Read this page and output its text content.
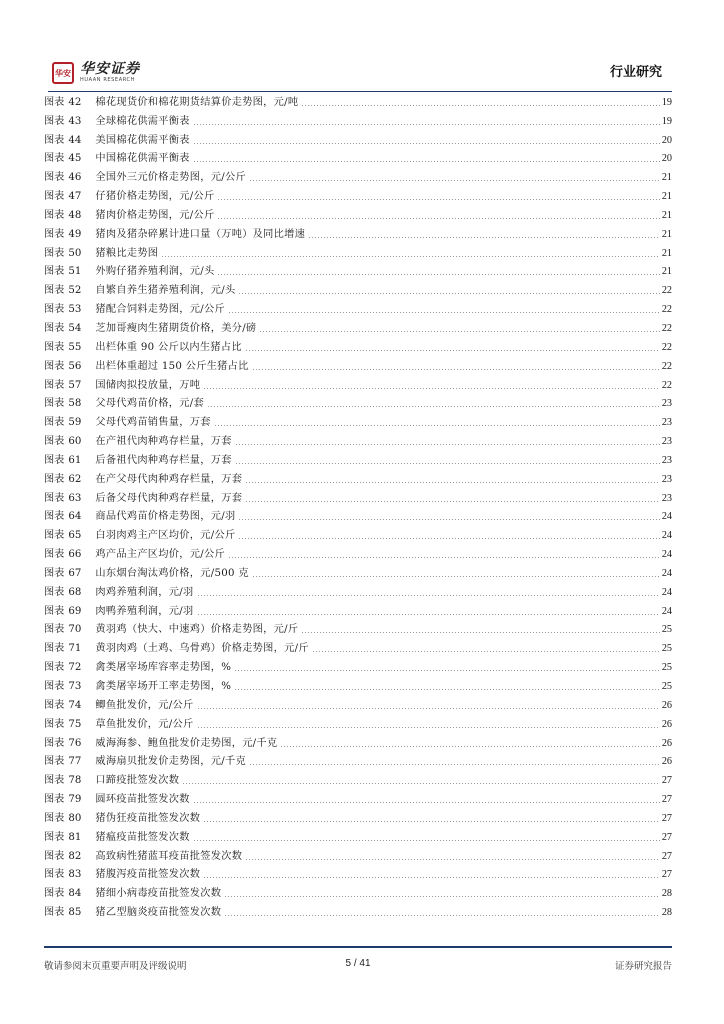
华安 华安证券
HUAAN RESEARCH	行业研究
图表 42	棉花现货价和棉花期货结算价走势图，元/吨	19
图表 43	全球棉花供需平衡表	19
图表 44	美国棉花供需平衡表	20
图表 45	中国棉花供需平衡表	20
图表 46	全国外三元价格走势图，元/公斤	21
图表 47	仔猪价格走势图，元/公斤	21
图表 48	猪肉价格走势图，元/公斤	21
图表 49	猪肉及猪杂碎累计进口量（万吨）及同比增速	21
图表 50	猪粮比走势图	21
图表 51	外购仔猪养殖利润，元/头	21
图表 52	自繁自养生猪养殖利润，元/头	22
图表 53	猪配合饲料走势图，元/公斤	22
图表 54	芝加哥瘦肉生猪期货价格，美分/磅	22
图表 55	出栏体重 90 公斤以内生猪占比	22
图表 56	出栏体重超过 150 公斤生猪占比	22
图表 57	国储肉拟投放量，万吨	22
图表 58	父母代鸡苗价格，元/套	23
图表 59	父母代鸡苗销售量，万套	23
图表 60	在产祖代肉种鸡存栏量，万套	23
图表 61	后备祖代肉种鸡存栏量，万套	23
图表 62	在产父母代肉种鸡存栏量，万套	23
图表 63	后备父母代肉种鸡存栏量，万套	23
图表 64	商品代鸡苗价格走势图，元/羽	24
图表 65	白羽肉鸡主产区均价，元/公斤	24
图表 66	鸡产品主产区均价，元/公斤	24
图表 67	山东烟台淘汰鸡价格，元/500 克	24
图表 68	肉鸡养殖利润，元/羽	24
图表 69	肉鸭养殖利润，元/羽	24
图表 70	黄羽鸡（快大、中速鸡）价格走势图，元/斤	25
图表 71	黄羽肉鸡（土鸡、乌骨鸡）价格走势图，元/斤	25
图表 72	禽类屠宰场库容率走势图，%	25
图表 73	禽类屠宰场开工率走势图，%	25
图表 74	鲫鱼批发价，元/公斤	26
图表 75	草鱼批发价，元/公斤	26
图表 76	威海海参、鲍鱼批发价走势图，元/千克	26
图表 77	威海扇贝批发价走势图，元/千克	26
图表 78	口蹄疫批签发次数	27
图表 79	圆环疫苗批签发次数	27
图表 80	猪伪狂疫苗批签发次数	27
图表 81	猪瘟疫苗批签发次数	27
图表 82	高致病性猪蓝耳疫苗批签发次数	27
图表 83	猪腹泻疫苗批签发次数	27
图表 84	猪细小病毒疫苗批签发次数	28
图表 85	猪乙型脑炎疫苗批签发次数	28
敬请参阅末页重要声明及评级说明	5 / 41	证券研究报告
